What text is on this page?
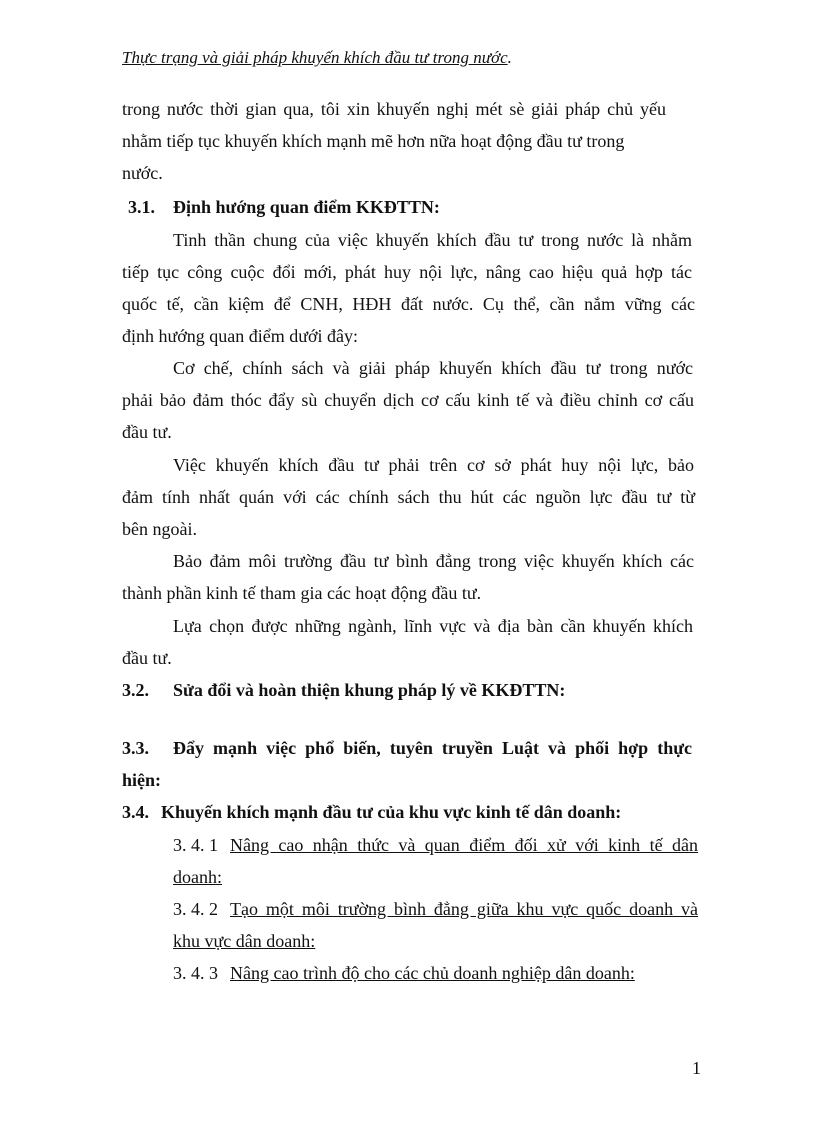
Thực trạng và giải pháp khuyến khích đầu tư trong nước.
trong nước thời gian qua, tôi xin khuyến nghị mét sè giải pháp chủ yếu
nhằm tiếp tục khuyến khích mạnh mẽ hơn nữa hoạt động đầu tư trong
nước.
3.1. Định hướng quan điểm KKĐTTN:
Tinh thần chung của việc khuyến khích đầu tư trong nước là nhằm
tiếp tục công cuộc đổi mới, phát huy nội lực, nâng cao hiệu quả hợp tác
quốc tế, cần kiệm để CNH, HĐH đất nước. Cụ thể, cần nắm vững các
định hướng quan điểm dưới đây:
Cơ chế, chính sách và giải pháp khuyến khích đầu tư trong nước
phải bảo đảm thóc đẩy sù chuyển dịch cơ cấu kinh tế và điều chỉnh cơ cấu
đầu tư.
Việc khuyến khích đầu tư phải trên cơ sở phát huy nội lực, bảo
đảm tính nhất quán với các chính sách thu hút các nguồn lực đầu tư từ
bên ngoài.
Bảo đảm môi trường đầu tư bình đẳng trong việc khuyến khích các
thành phần kinh tế tham gia các hoạt động đầu tư.
Lựa chọn được những ngành, lĩnh vực và địa bàn cần khuyến khích
đầu tư.
3.2. Sửa đổi và hoàn thiện khung pháp lý về KKĐTTN:
3.3. Đẩy mạnh việc phổ biến, tuyên truyền Luật và phối hợp thực
hiện:
3.4. Khuyến khích mạnh đầu tư của khu vực kinh tế dân doanh:
3. 4. 1 Nâng cao nhận thức và quan điểm đối xử với kinh tế dân
doanh:
3. 4. 2 Tạo một môi trường bình đẳng giữa khu vực quốc doanh và
khu vực dân doanh:
3. 4. 3 Nâng cao trình độ cho các chủ doanh nghiệp dân doanh:
1
